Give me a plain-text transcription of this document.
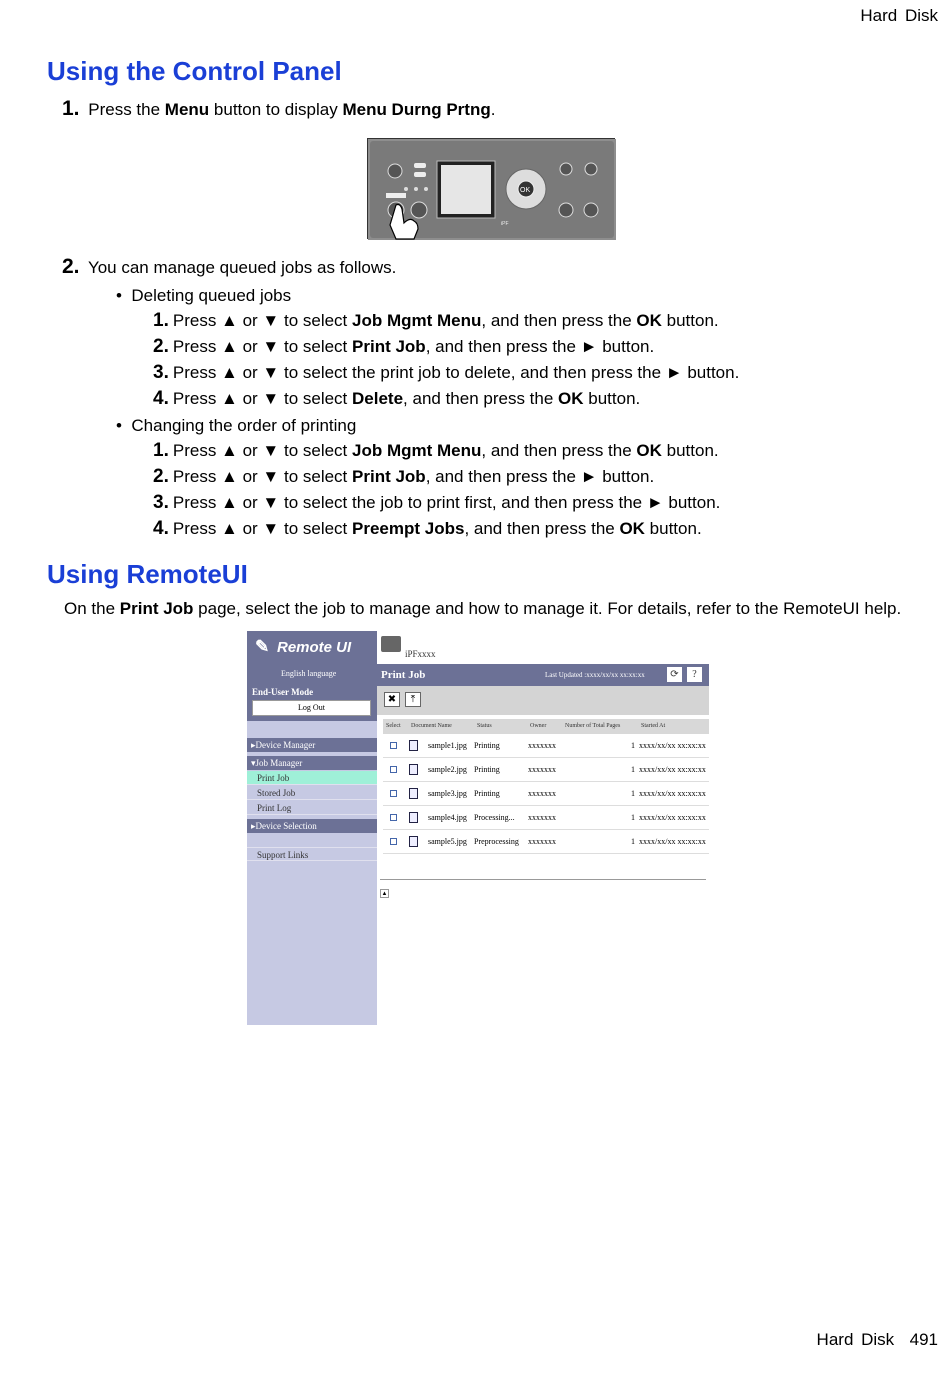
Hard Disk
Using the Control Panel
1. Press the Menu button to display Menu Durng Prtng.
OK
iPF
2. You can manage queued jobs as follows.
•  Deleting queued jobs
1. Press ▲ or ▼ to select Job Mgmt Menu, and then press the OK button.
2. Press ▲ or ▼ to select Print Job, and then press the ► button.
3. Press ▲ or ▼ to select the print job to delete, and then press the ► button.
4. Press ▲ or ▼ to select Delete, and then press the OK button.
•  Changing the order of printing
1. Press ▲ or ▼ to select Job Mgmt Menu, and then press the OK button.
2. Press ▲ or ▼ to select Print Job, and then press the ► button.
3. Press ▲ or ▼ to select the job to print first, and then press the ► button.
4. Press ▲ or ▼ to select Preempt Jobs, and then press the OK button.
Using RemoteUI
On the Print Job page, select the job to manage and how to manage it. For details, refer to the RemoteUI help.
✎ Remote UI
English language
End-User Mode
Log Out
▸Device Manager
▾Job Manager
Print Job
Stored Job
Print Log
▸Device Selection
Support Links
iPFxxxx
Print Job	Last Updated :xxxx/xx/xx xx:xx:xx	⟳	?
✖	⤒
Select Document Name	Status	Owner	Number of Total Pages	Started At
sample1.jpg Printing	xxxxxxx	1 xxxx/xx/xx xx:xx:xx
sample2.jpg Printing	xxxxxxx	1 xxxx/xx/xx xx:xx:xx
sample3.jpg Printing	xxxxxxx	1 xxxx/xx/xx xx:xx:xx
sample4.jpg Processing... xxxxxxx	1 xxxx/xx/xx xx:xx:xx
sample5.jpg Preprocessing xxxxxxx	1 xxxx/xx/xx xx:xx:xx
▲
Hard Disk 491
